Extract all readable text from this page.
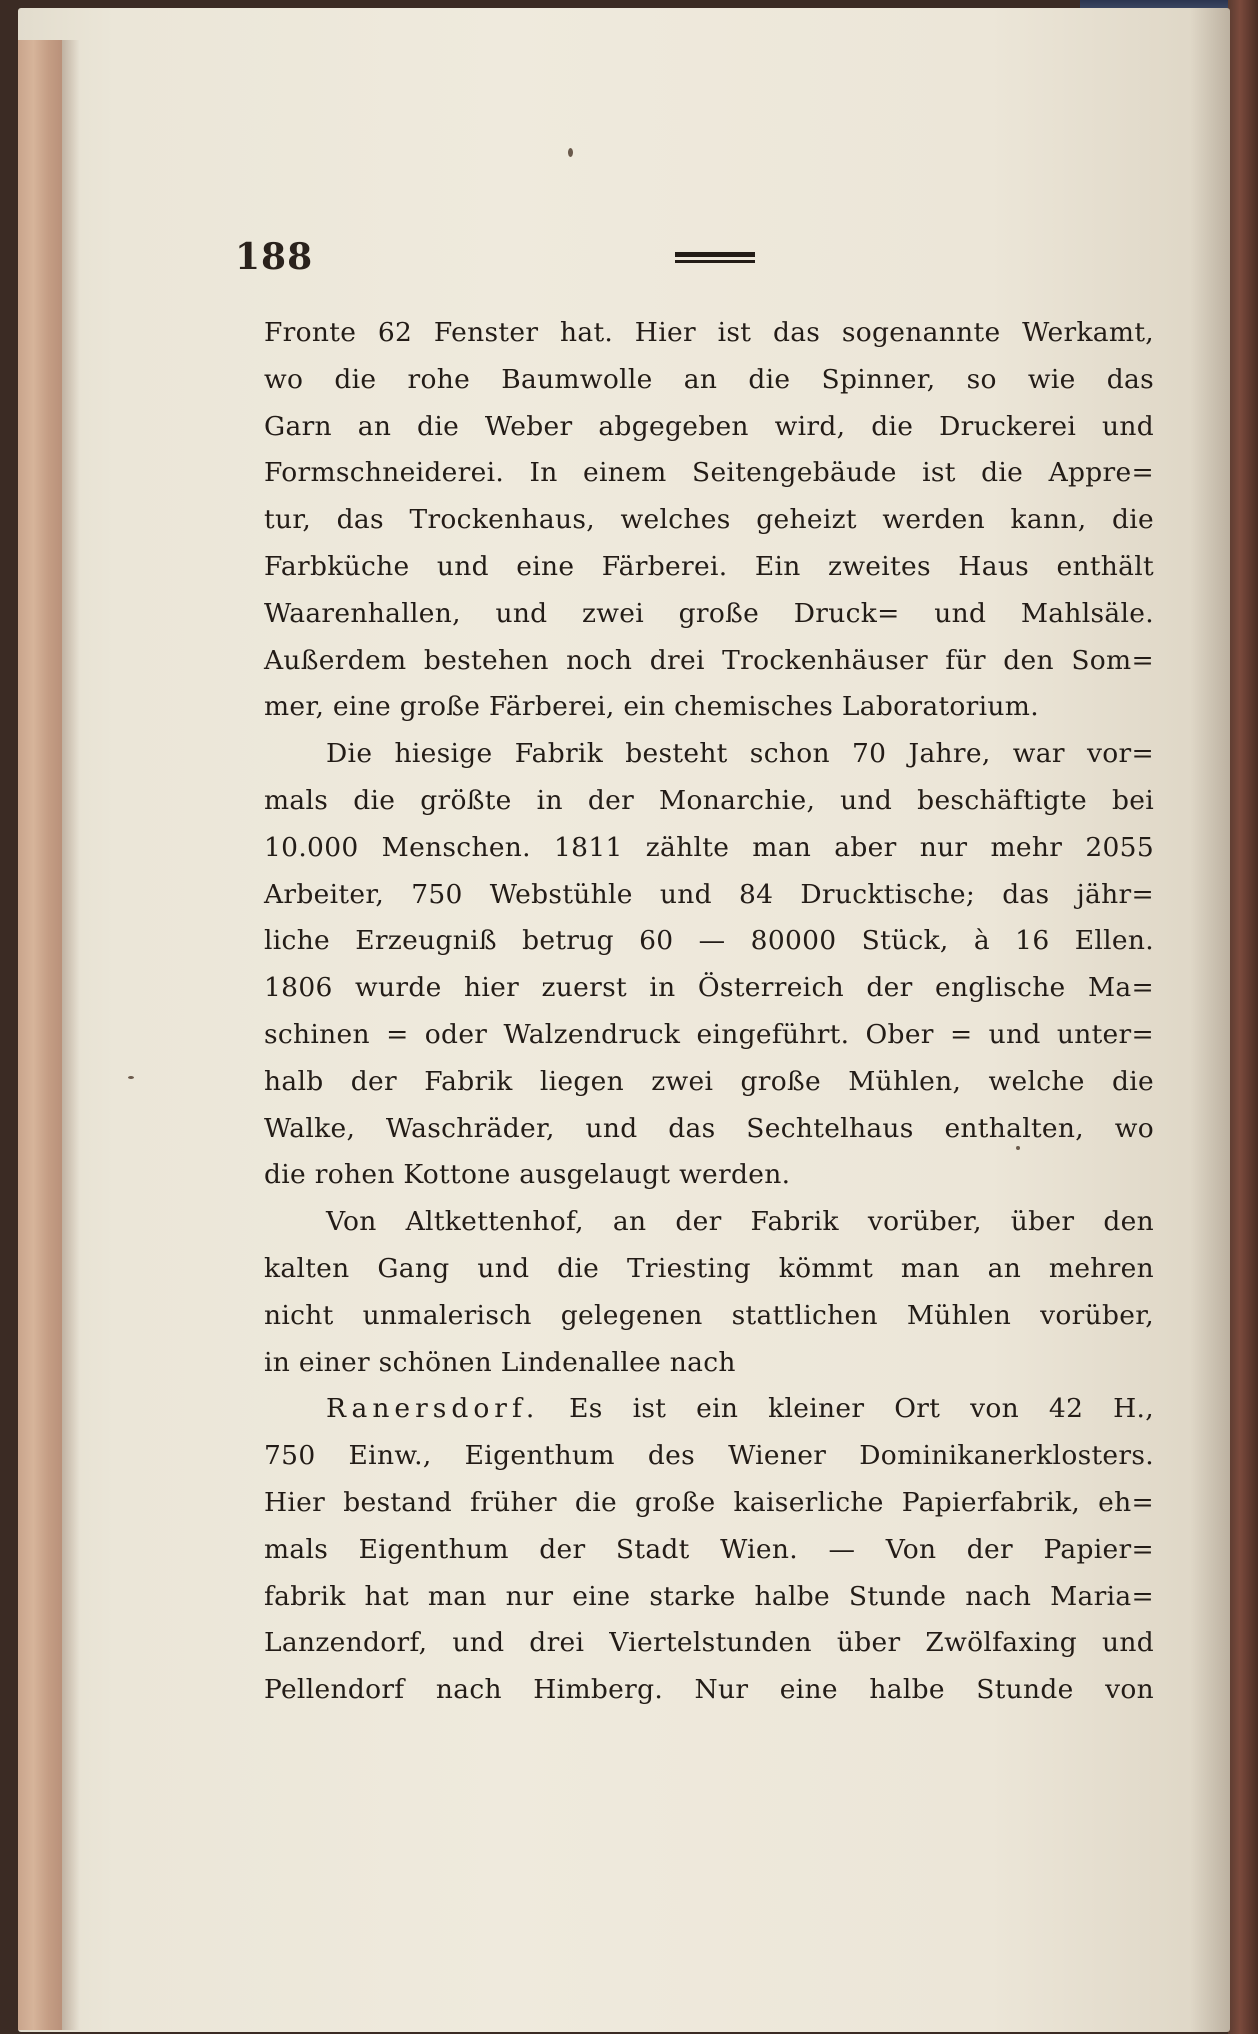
188
Fronte 62 Fenster hat. Hier ist das sogenannte Werkamt,
wo die rohe Baumwolle an die Spinner, so wie das
Garn an die Weber abgegeben wird, die Druckerei und
Formschneiderei. In einem Seitengebäude ist die Appre=
tur, das Trockenhaus, welches geheizt werden kann, die
Farbküche und eine Färberei. Ein zweites Haus enthält
Waarenhallen, und zwei große Druck= und Mahlsäle.
Außerdem bestehen noch drei Trockenhäuser für den Som=
mer, eine große Färberei, ein chemisches Laboratorium.
Die hiesige Fabrik besteht schon 70 Jahre, war vor=
mals die größte in der Monarchie, und beschäftigte bei
10.000 Menschen. 1811 zählte man aber nur mehr 2055
Arbeiter, 750 Webstühle und 84 Drucktische; das jähr=
liche Erzeugniß betrug 60 — 80000 Stück, à 16 Ellen.
1806 wurde hier zuerst in Österreich der englische Ma=
schinen = oder Walzendruck eingeführt. Ober = und unter=
halb der Fabrik liegen zwei große Mühlen, welche die
Walke, Waschräder, und das Sechtelhaus enthalten, wo
die rohen Kottone ausgelaugt werden.
Von Altkettenhof, an der Fabrik vorüber, über den
kalten Gang und die Triesting kömmt man an mehren
nicht unmalerisch gelegenen stattlichen Mühlen vorüber,
in einer schönen Lindenallee nach
Ranersdorf. Es ist ein kleiner Ort von 42 H.,
750 Einw., Eigenthum des Wiener Dominikanerklosters.
Hier bestand früher die große kaiserliche Papierfabrik, eh=
mals Eigenthum der Stadt Wien. — Von der Papier=
fabrik hat man nur eine starke halbe Stunde nach Maria=
Lanzendorf, und drei Viertelstunden über Zwölfaxing und
Pellendorf nach Himberg. Nur eine halbe Stunde von
